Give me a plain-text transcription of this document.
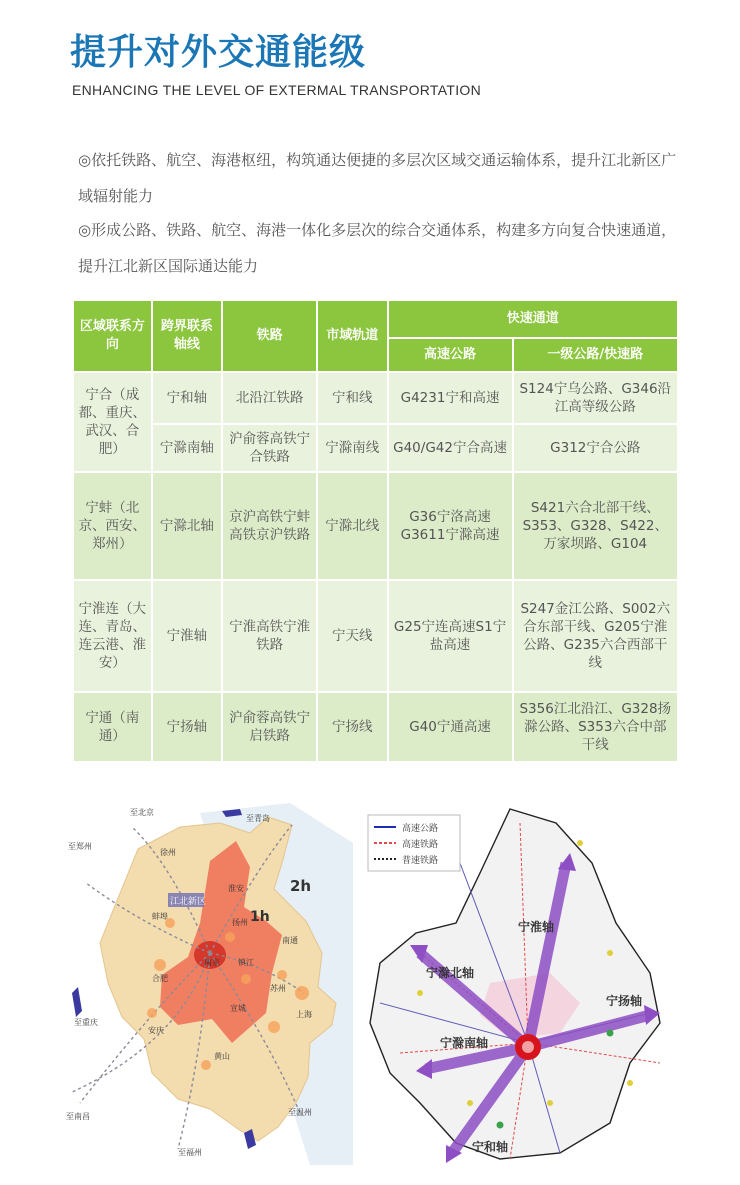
提升对外交通能级
ENHANCING THE LEVEL OF EXTERMAL TRANSPORTATION

◎依托铁路、航空、海港枢纽，构筑通达便捷的多层次区域交通运输体系，提升江北新区广域辐射能力

◎形成公路、铁路、航空、海港一体化多层次的综合交通体系，构建多方向复合快速通道，提升江北新区国际通达能力

区域联系方向	跨界联系轴线	铁路	市域轨道	快速通道	
				高速公路	一级公路/快速路
宁合（成都、重庆、武汉、合肥）	宁和轴	北沿江铁路	宁和线	G4231宁和高速	S124宁乌公路、G346沿江高等级公路
	宁滁南轴	沪俞蓉高铁宁合铁路	宁滁南线	G40/G42宁合高速	G312宁合公路
宁蚌（北京、西安、郑州）	宁滁北轴	京沪高铁宁蚌高铁京沪铁路	宁滁北线	G36宁洛高速G3611宁滁高速	S421六合北部干线、S353、G328、S422、万家坝路、G104
宁淮连（大连、青岛、连云港、淮安）	宁淮轴	宁淮高铁宁淮铁路	宁天线	G25宁连高速S1宁盐高速	S247金江公路、S002六合东部干线、G205宁淮公路、G235六合西部干线
宁通（南通）	宁扬轴	沪俞蓉高铁宁启铁路	宁扬线	G40宁通高速	S356江北沿江、G328扬滁公路、S353六合中部干线
江北新区
1h
2h
至北京
至青岛
至郑州
至重庆
至南昌
至福州
至温州
徐州
淮安
蚌埠
扬州
南通
合肥
南京 镇江
苏州
上海
安庆
宣城
黄山
高速公路
高速铁路
普速铁路
宁淮轴
宁滁北轴
宁扬轴
宁滁南轴
宁和轴
